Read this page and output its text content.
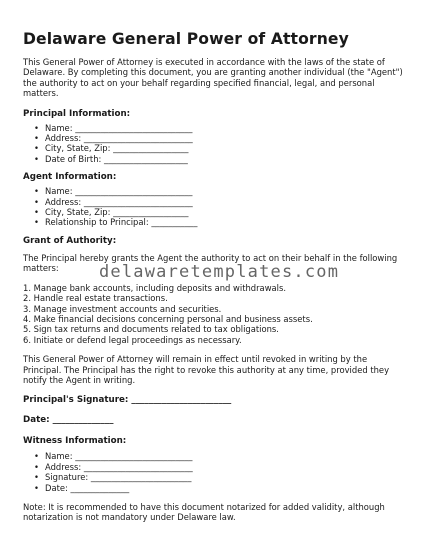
Delaware General Power of Attorney

This General Power of Attorney is executed in accordance with the laws of the state of Delaware. By completing this document, you are granting another individual (the "Agent") the authority to act on your behalf regarding specified financial, legal, and personal matters.

Principal Information:
• Name: ____________________________
• Address: __________________________
• City, State, Zip: __________________
• Date of Birth: ____________________
Agent Information:
• Name: ____________________________
• Address: __________________________
• City, State, Zip: __________________
• Relationship to Principal: ___________
Grant of Authority:

The Principal hereby grants the Agent the authority to act on their behalf in the following matters:

1. Manage bank accounts, including deposits and withdrawals.
2. Handle real estate transactions.
3. Manage investment accounts and securities.
4. Make financial decisions concerning personal and business assets.
5. Sign tax returns and documents related to tax obligations.
6. Initiate or defend legal proceedings as necessary.

This General Power of Attorney will remain in effect until revoked in writing by the Principal. The Principal has the right to revoke this authority at any time, provided they notify the Agent in writing.

Principal's Signature: _______________________
Date: ______________
Witness Information:
• Name: ____________________________
• Address: __________________________
• Signature: ________________________
• Date: ______________

Note: It is recommended to have this document notarized for added validity, although notarization is not mandatory under Delaware law.

delawaretemplates.com
